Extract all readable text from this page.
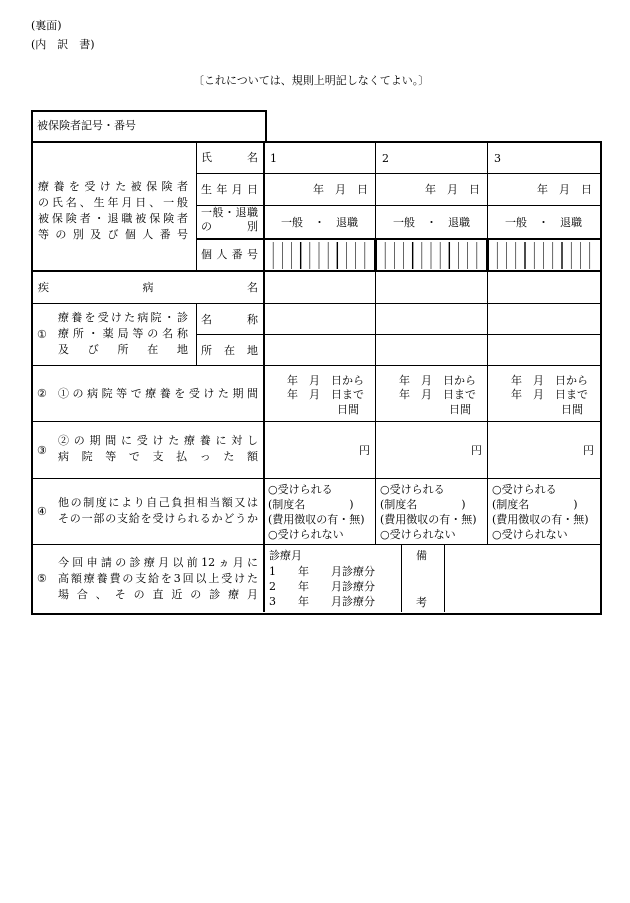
(裏面)
(内　訳　書)
〔これについては、規則上明記しなくてよい。〕
被保険者記号・番号
療養を受けた被保険者
の氏名、生年月日、一般
被保険者・退職被保険者
等の別及び個人番号
氏　　名
生年月日
一般・退職
の　　別
個人番号
疾　　　病　　　名
①
療養を受けた病院・診
療所・薬局等の名称
及び所在地
名　称
所在地
② ①の病院等で療養を受けた期間
③
②の期間に受けた療養に対し
病院等で支払った額
④
他の制度により自己負担相当額又は
その一部の支給を受けられるかどうか
⑤
今回申請の診療月以前12ヵ月に
高額療養費の支給を3回以上受けた
場合、その直近の診療月
1
年　月　日
一般　・　退職
年　月　日から
年　月　日まで
日間
円
○受けられる
(制度名　　　　)
(費用徴収の有・無)
○受けられない
2
年　月　日
一般　・　退職
年　月　日から
年　月　日まで
日間
円
○受けられる
(制度名　　　　)
(費用徴収の有・無)
○受けられない
3
年　月　日
一般　・　退職
年　月　日から
年　月　日まで
日間
円
○受けられる
(制度名　　　　)
(費用徴収の有・無)
○受けられない
診療月
1　　年　　月診療分
2　　年　　月診療分
3　　年　　月診療分
備
考
